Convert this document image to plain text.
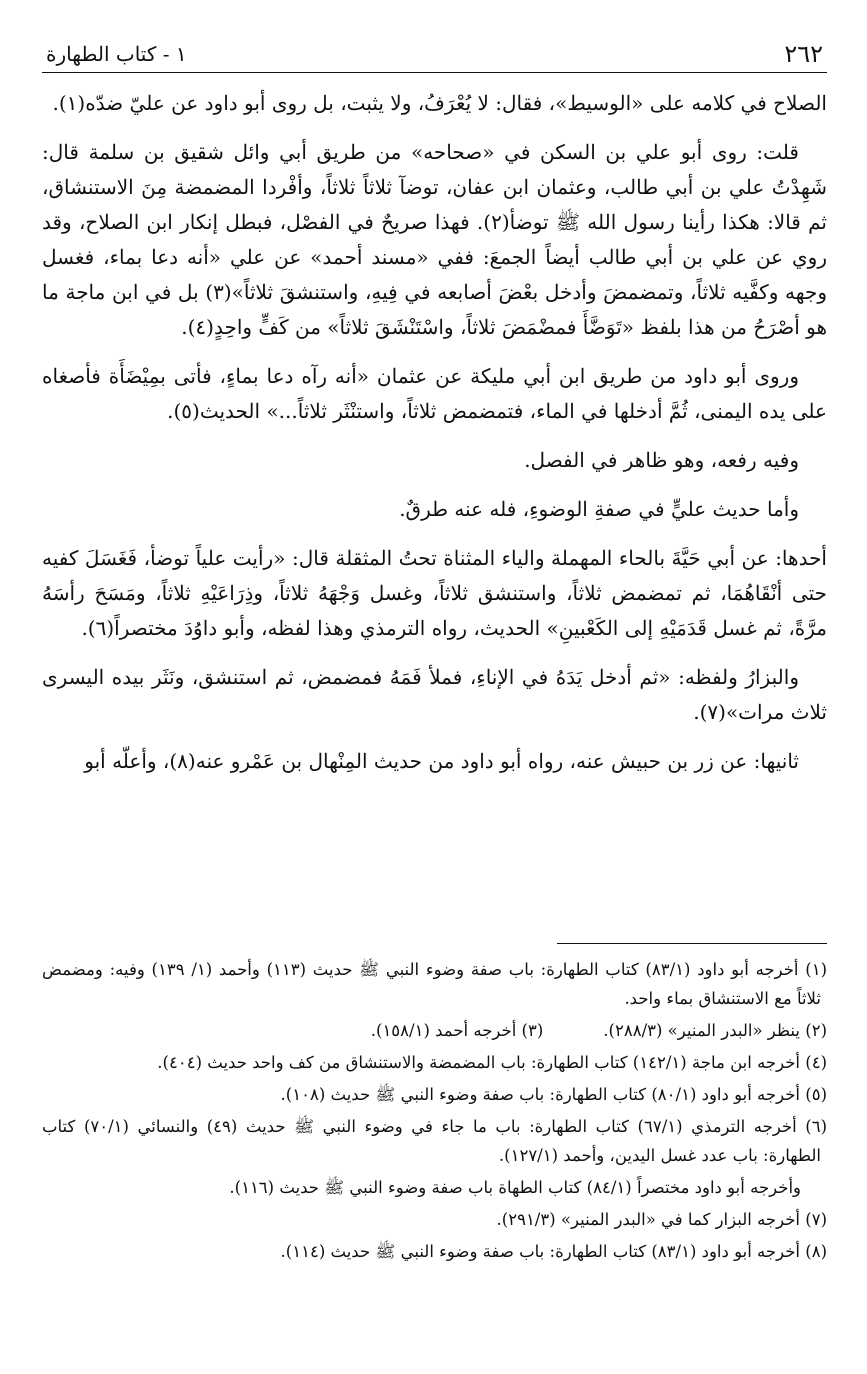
٢٦٢
١ - كتاب الطهارة

الصلاح في كلامه على «الوسيط»، فقال: لا يُعْرَفُ، ولا يثبت، بل روى أبو داود عن عليّ ضدّه(١).

قلت: روى أبو علي بن السكن في «صحاحه» من طريق أبي وائل شقيق بن سلمة قال: شَهِدْتُ علي بن أبي طالب، وعثمان ابن عفان، توضآ ثلاثاً ثلاثاً، وأفْردا المضمضة مِنَ الاستنشاق، ثم قالا: هكذا رأينا رسول الله ﷺ توضأ(٢). فهذا صريحٌ في الفصْل، فبطل إنكار ابن الصلاح، وقد روي عن علي بن أبي طالب أيضاً الجمعَ: ففي «مسند أحمد» عن علي «أنه دعا بماء، فغسل وجهه وكفَّيه ثلاثاً، وتمضمضَ وأدخل بعْضَ أصابعه في فِيهِ، واستنشقَ ثلاثاً»(٣) بل في ابن ماجة ما هو أصْرَحُ من هذا بلفظ «تَوَضَّأَ فمضْمَضَ ثلاثاً، واسْتَنْشَقَ ثلاثاً» من كَفٍّ واحِدٍ(٤).

وروى أبو داود من طريق ابن أبي مليكة عن عثمان «أنه رآه دعا بماءٍ، فأتى بمِيْضَأَة فأصغاه على يده اليمنى، ثُمَّ أدخلها في الماء، فتمضمض ثلاثاً، واستنْثَر ثلاثاً...» الحديث(٥).

وفيه رفعه، وهو ظاهر في الفصل.

وأما حديث عليٍّ في صفةِ الوضوءِ، فله عنه طرقٌ.

أحدها: عن أبي حَيَّةَ بالحاء المهملة والياء المثناة تحتُ المثقلة قال: «رأيت علياً توضأ، فَغَسَلَ كفيه حتى أنْقَاهُمَا، ثم تمضمض ثلاثاً، واستنشق ثلاثاً، وغسل وَجْهَهُ ثلاثاً، وذِرَاعَيْهِ ثلاثاً، ومَسَحَ رأسَهُ مرَّةً، ثم غسل قَدَمَيْهِ إلى الكَعْبينِ» الحديث، رواه الترمذي وهذا لفظه، وأبو داوُدَ مختصراً(٦).

والبزارُ ولفظه: «ثم أدخل يَدَهُ في الإناءِ، فملأ فَمَهُ فمضمض، ثم استنشق، ونَثَر بيده اليسرى ثلاث مرات»(٧).

ثانيها: عن زر بن حبيش عنه، رواه أبو داود من حديث المِنْهال بن عَمْرو عنه(٨)، وأعلّه أبو

(١) أخرجه أبو داود (٨٣/١) كتاب الطهارة: باب صفة وضوء النبي ﷺ حديث (١١٣) وأحمد (١/ ١٣٩) وفيه: ومضمض ثلاثاً مع الاستنشاق بماء واحد.

(٢) ينظر «البدر المنير» (٢٨٨/٣).

(٣) أخرجه أحمد (١٥٨/١).

(٤) أخرجه ابن ماجة (١٤٢/١) كتاب الطهارة: باب المضمضة والاستنشاق من كف واحد حديث (٤٠٤).

(٥) أخرجه أبو داود (٨٠/١) كتاب الطهارة: باب صفة وضوء النبي ﷺ حديث (١٠٨).

(٦) أخرجه الترمذي (٦٧/١) كتاب الطهارة: باب ما جاء في وضوء النبي ﷺ حديث (٤٩) والنسائي (٧٠/١) كتاب الطهارة: باب عدد غسل اليدين، وأحمد (١٢٧/١).

وأخرجه أبو داود مختصراً (٨٤/١) كتاب الطهاة باب صفة وضوء النبي ﷺ حديث (١١٦).

(٧) أخرجه البزار كما في «البدر المنير» (٢٩١/٣).

(٨) أخرجه أبو داود (٨٣/١) كتاب الطهارة: باب صفة وضوء النبي ﷺ حديث (١١٤).
